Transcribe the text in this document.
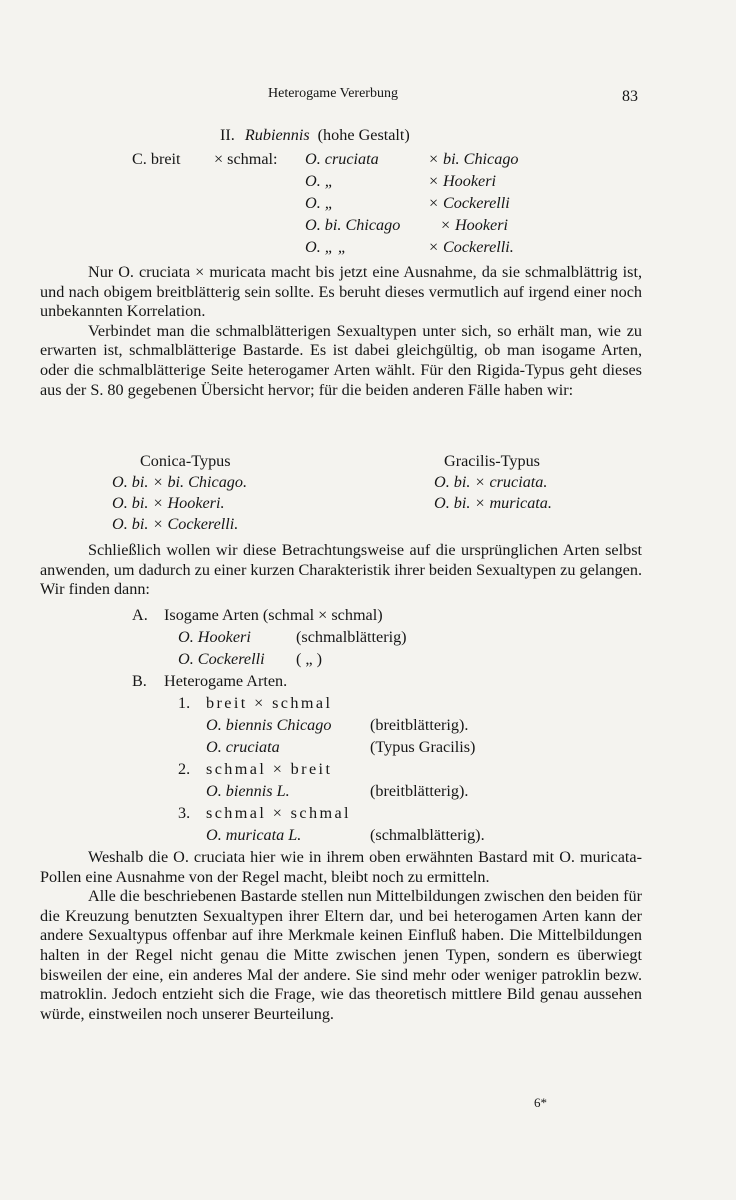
Heterogame Vererbung	83
II. Rubiennis (hohe Gestalt)
C. breit × schmal: O. cruciata	× bi. Chicago
O. „	× Hookeri
O. „	× Cockerelli
O. bi. Chicago × Hookeri
O. „ „	× Cockerelli.

Nur O. cruciata × muricata macht bis jetzt eine Ausnahme, da sie schmalblättrig ist, und nach obigem breitblätterig sein sollte. Es beruht dieses vermutlich auf irgend einer noch unbekannten Korrelation.

Verbindet man die schmalblätterigen Sexualtypen unter sich, so erhält man, wie zu erwarten ist, schmalblätterige Bastarde. Es ist dabei gleichgültig, ob man isogame Arten, oder die schmalblätterige Seite heterogamer Arten wählt. Für den Rigida-Typus geht dieses aus der S. 80 gegebenen Übersicht hervor; für die beiden anderen Fälle haben wir:

Conica-Typus
O. bi. × bi. Chicago.
O. bi. × Hookeri.
O. bi. × Cockerelli.
Gracilis-Typus
O. bi. × cruciata.
O. bi. × muricata.

Schließlich wollen wir diese Betrachtungsweise auf die ursprünglichen Arten selbst anwenden, um dadurch zu einer kurzen Charakteristik ihrer beiden Sexualtypen zu gelangen. Wir finden dann:

A. Isogame Arten (schmal × schmal)
O. Hookeri	(schmalblätterig)
O. Cockerelli ( „ )
B. Heterogame Arten.
1. breit × schmal
O. biennis Chicago (breitblätterig).
O. cruciata	(Typus Gracilis)
2. schmal × breit
O. biennis L.	(breitblätterig).
3. schmal × schmal
O. muricata L.	(schmalblätterig).

Weshalb die O. cruciata hier wie in ihrem oben erwähnten Bastard mit O. muricata-Pollen eine Ausnahme von der Regel macht, bleibt noch zu ermitteln.

Alle die beschriebenen Bastarde stellen nun Mittelbildungen zwischen den beiden für die Kreuzung benutzten Sexualtypen ihrer Eltern dar, und bei heterogamen Arten kann der andere Sexualtypus offenbar auf ihre Merkmale keinen Einfluß haben. Die Mittelbildungen halten in der Regel nicht genau die Mitte zwischen jenen Typen, sondern es überwiegt bisweilen der eine, ein anderes Mal der andere. Sie sind mehr oder weniger patroklin bezw. matroklin. Jedoch entzieht sich die Frage, wie das theoretisch mittlere Bild genau aussehen würde, einstweilen noch unserer Beurteilung.

6*
